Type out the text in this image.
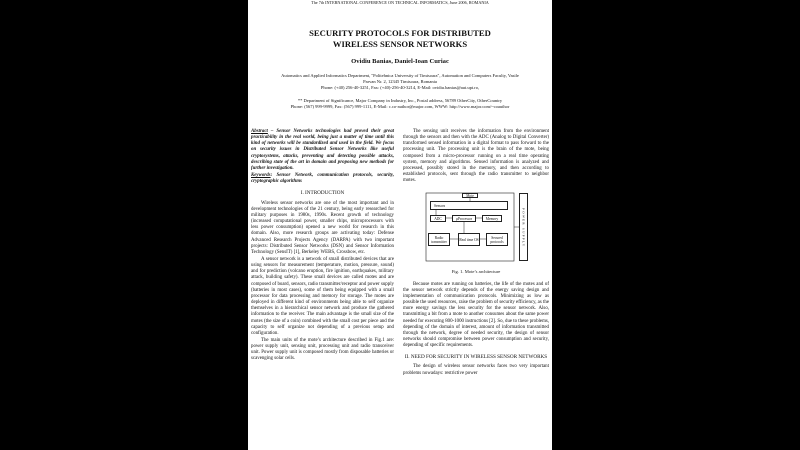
The 7th INTERNATIONAL CONFERENCE ON TECHNICAL INFORMATICS, June 2006, ROMANIA
SECURITY PROTOCOLS FOR DISTRIBUTED
WIRELESS SENSOR NETWORKS
Ovidiu Banias, Daniel-Ioan Curiac
Automatics and Applied Informatics Department, "Politehnica University of Timisoara", Automation and Computers Faculty, Vasile
Parvan Nr. 2, 12345 Timisoara, Romania
Phone: (+40) 256-40-3251, Fax: (+40)-256-40-3214, E-Mail: ovidiu.banias@aut.upt.ro,
** Department of Significance, Major Company in Industry, Inc., Postal address, 56789 OtherCity, OtherCountry
Phone: (567) 999-9999, Fax: (567) 999-1111, E-Mail: c.co-author@major.com, WWW: http://www.major.com/~coauthor

Abstract – Sensor Networks technologies had proved their great practicability in the real world, being just a matter of time until this kind of networks will be standardized and used in the field. We focus on security issues in Distributed Sensor Networks like useful cryptosystems, attacks, preventing and detecting possible attacks, describing state of the art in domain and proposing new methods for further investigation.

Keywords: Sensor Network, communication protocols, security, cryptographic algorithms

I. INTRODUCTION

Wireless sensor networks are one of the most important and in development technologies of the 21 century, being early researched for military purposes in 1980s, 1990s. Recent growth of technology (increased computational power, smaller chips, microprocessors with less power consumption) opened a new world for research in this domain. Also, more research groups are activating today: Defense Advanced Research Projects Agency (DARPA) with two important projects: Distributed Sensor Networks (DSN) and Sensor Information Technology (SensIT) [1], Berkeley WEBS, Crossbow, etc.

A sensor network is a network of small distributed devices that are using sensors for measurement (temperature, motion, pressure, sound) and for prediction (volcano eruption, fire ignition, earthquakes, military attack, building safety). These small devices are called motes and are composed of board, sensors, radio transmitter/receptor and power supply (batteries in most cases), some of them being equipped with a small processor for data processing and memory for storage. The motes are deployed in different kind of environments being able to self organize themselves in a hierarchical sensor network and produce the gathered information to the receiver. The main advantage is the small size of the motes (the size of a coin) combined with the small cost per piece and the capacity to self organize not depending of a previous setup and configuration.

The main units of the mote’s architecture described in Fig.1 are: power supply unit, sensing unit, processing unit and radio transceiver unit. Power supply unit is composed mostly from disposable batteries or scavenging solar cells.

The sensing unit receives the information from the environment through the sensors and then with the ADC (Analog to Digital Converter) transformed sensed information in a digital format to pass forward to the processing unit. The processing unit is the brain of the mote, being composed from a micro-processor running on a real time operating system, memory and algorithms. Sensed information is analyzed and processed, possibly stored in the memory, and then according to established protocols, sent through the radio transmitter to neighbor motes.

Mote
Sensors
ADC	µProcessor	Memory
Radio transmitter	Real time OS	Secured protocols	POWER SUPPLY
Fig. 1. Mote’s architecture

Because motes are running on batteries, the life of the motes and of the sensor network strictly depends of the energy saving design and implementation of communication protocols. Minimizing as low as possible the used resources, raise the problem of security efficiency, as the more energy savings the less security for the sensor network. Also, transmitting a bit from a mote to another consumes about the same power needed for executing 800-1000 instructions [2]. So, due to these problems, depending of the domain of interest, amount of information transmitted through the network, degree of needed security, the design of sensor networks should compromise between power consumption and security, depending of specific requirements.

II. NEED FOR SECURITY IN WIRELESS SENSOR NETWORKS

The design of wireless sensor networks faces two very important problems nowadays: restrictive power
